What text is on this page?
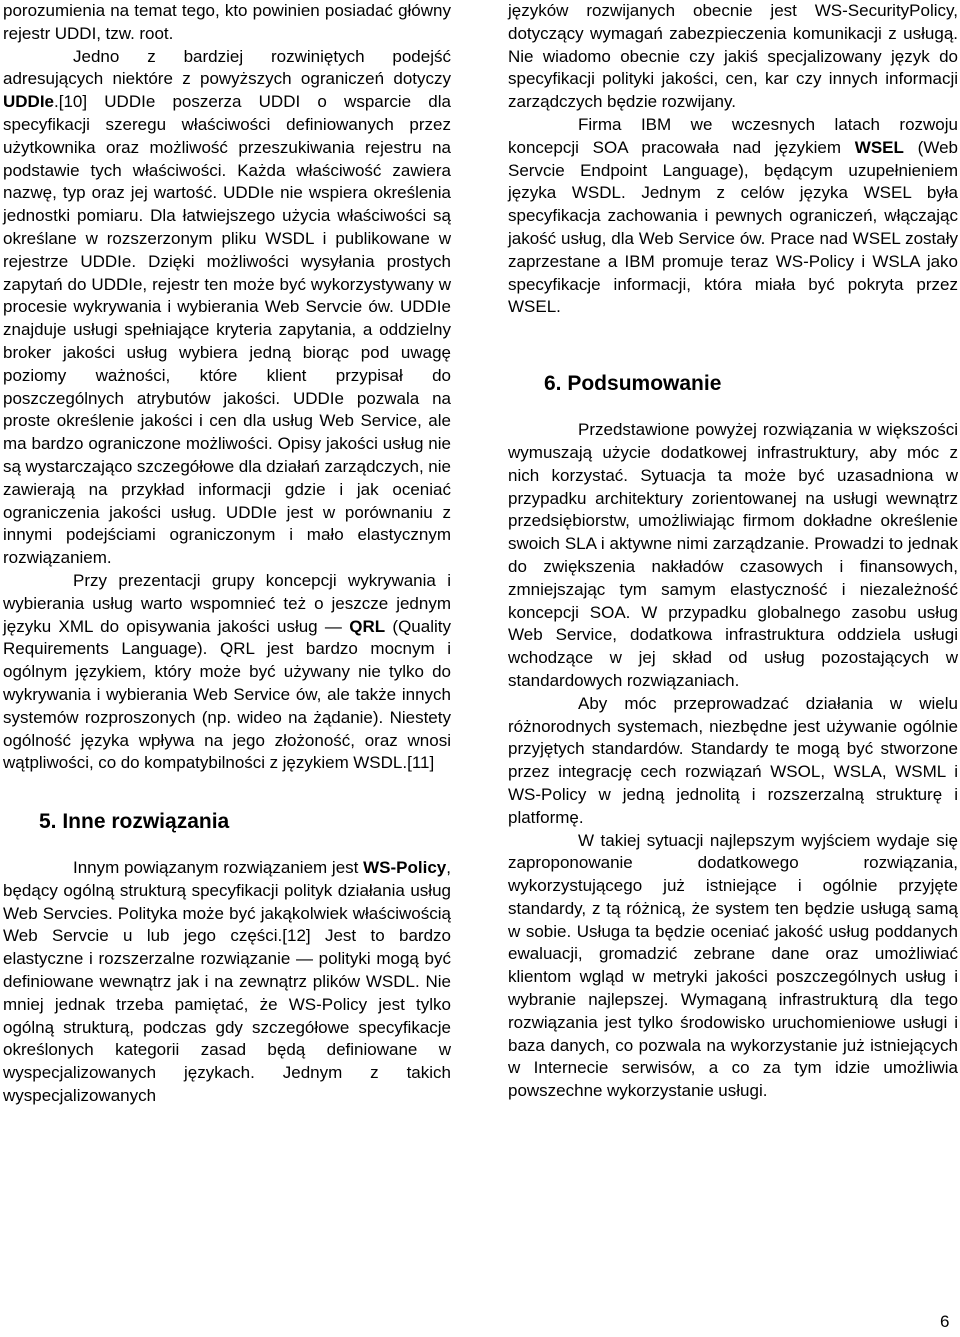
porozumienia na temat tego, kto powinien posiadać główny rejestr UDDI, tzw. root.

Jedno z bardziej rozwiniętych podejść adresujących niektóre z powyższych ograniczeń dotyczy UDDIe.[10] UDDIe poszerza UDDI o wsparcie dla specyfikacji szeregu właściwości definiowanych przez użytkownika oraz możliwość przeszukiwania rejestru na podstawie tych właściwości. Każda właściwość zawiera nazwę, typ oraz jej wartość. UDDIe nie wspiera określenia jednostki pomiaru. Dla łatwiejszego użycia właściwości są określane w rozszerzonym pliku WSDL i publikowane w rejestrze UDDIe. Dzięki możliwości wysyłania prostych zapytań do UDDIe, rejestr ten może być wykorzystywany w procesie wykrywania i wybierania Web Servcie ów. UDDIe znajduje usługi spełniające kryteria zapytania, a oddzielny broker jakości usług wybiera jedną biorąc pod uwagę poziomy ważności, które klient przypisał do poszczególnych atrybutów jakości. UDDIe pozwala na proste określenie jakości i cen dla usług Web Service, ale ma bardzo ograniczone możliwości. Opisy jakości usług nie są wystarczająco szczegółowe dla działań zarządczych, nie zawierają na przykład informacji gdzie i jak oceniać ograniczenia jakości usług. UDDIe jest w porównaniu z innymi podejściami ograniczonym i mało elastycznym rozwiązaniem.

Przy prezentacji grupy koncepcji wykrywania i wybierania usług warto wspomnieć też o jeszcze jednym języku XML do opisywania jakości usług — QRL (Quality Requirements Language). QRL jest bardzo mocnym i ogólnym językiem, który może być używany nie tylko do wykrywania i wybierania Web Service ów, ale także innych systemów rozproszonych (np. wideo na żądanie). Niestety ogólność języka wpływa na jego złożoność, oraz wnosi wątpliwości, co do kompatybilności z językiem WSDL.[11]

5. Inne rozwiązania

Innym powiązanym rozwiązaniem jest WS-Policy, będący ogólną strukturą specyfikacji polityk działania usług Web Servcies. Polityka może być jakąkolwiek właściwością Web Servcie u lub jego części.[12] Jest to bardzo elastyczne i rozszerzalne rozwiązanie — polityki mogą być definiowane wewnątrz jak i na zewnątrz plików WSDL. Nie mniej jednak trzeba pamiętać, że WS-Policy jest tylko ogólną strukturą, podczas gdy szczegółowe specyfikacje określonych kategorii zasad będą definiowane w wyspecjalizowanych językach. Jednym z takich wyspecjalizowanych

języków rozwijanych obecnie jest WS-SecurityPolicy, dotyczący wymagań zabezpieczenia komunikacji z usługą. Nie wiadomo obecnie czy jakiś specjalizowany język do specyfikacji polityki jakości, cen, kar czy innych informacji zarządczych będzie rozwijany.

Firma IBM we wczesnych latach rozwoju koncepcji SOA pracowała nad językiem WSEL (Web Servcie Endpoint Language), będącym uzupełnieniem języka WSDL. Jednym z celów języka WSEL była specyfikacja zachowania i pewnych ograniczeń, włączając jakość usług, dla Web Service ów. Prace nad WSEL zostały zaprzestane a IBM promuje teraz WS-Policy i WSLA jako specyfikacje informacji, która miała być pokryta przez WSEL.

6. Podsumowanie

Przedstawione powyżej rozwiązania w większości wymuszają użycie dodatkowej infrastruktury, aby móc z nich korzystać. Sytuacja ta może być uzasadniona w przypadku architektury zorientowanej na usługi wewnątrz przedsiębiorstw, umożliwiając firmom dokładne określenie swoich SLA i aktywne nimi zarządzanie. Prowadzi to jednak do zwiększenia nakładów czasowych i finansowych, zmniejszając tym samym elastyczność i niezależność koncepcji SOA. W przypadku globalnego zasobu usług Web Service, dodatkowa infrastruktura oddziela usługi wchodzące w jej skład od usług pozostających w standardowych rozwiązaniach.

Aby móc przeprowadzać działania w wielu różnorodnych systemach, niezbędne jest używanie ogólnie przyjętych standardów. Standardy te mogą być stworzone przez integrację cech rozwiązań WSOL, WSLA, WSML i WS-Policy w jedną jednolitą i rozszerzalną strukturę i platformę.

W takiej sytuacji najlepszym wyjściem wydaje się zaproponowanie dodatkowego rozwiązania, wykorzystującego już istniejące i ogólnie przyjęte standardy, z tą różnicą, że system ten będzie usługą samą w sobie. Usługa ta będzie oceniać jakość usług poddanych ewaluacji, gromadzić zebrane dane oraz umożliwiać klientom wgląd w metryki jakości poszczególnych usług i wybranie najlepszej. Wymaganą infrastrukturą dla tego rozwiązania jest tylko środowisko uruchomieniowe usługi i baza danych, co pozwala na wykorzystanie już istniejących w Internecie serwisów, a co za tym idzie umożliwia powszechne wykorzystanie usługi.

6
